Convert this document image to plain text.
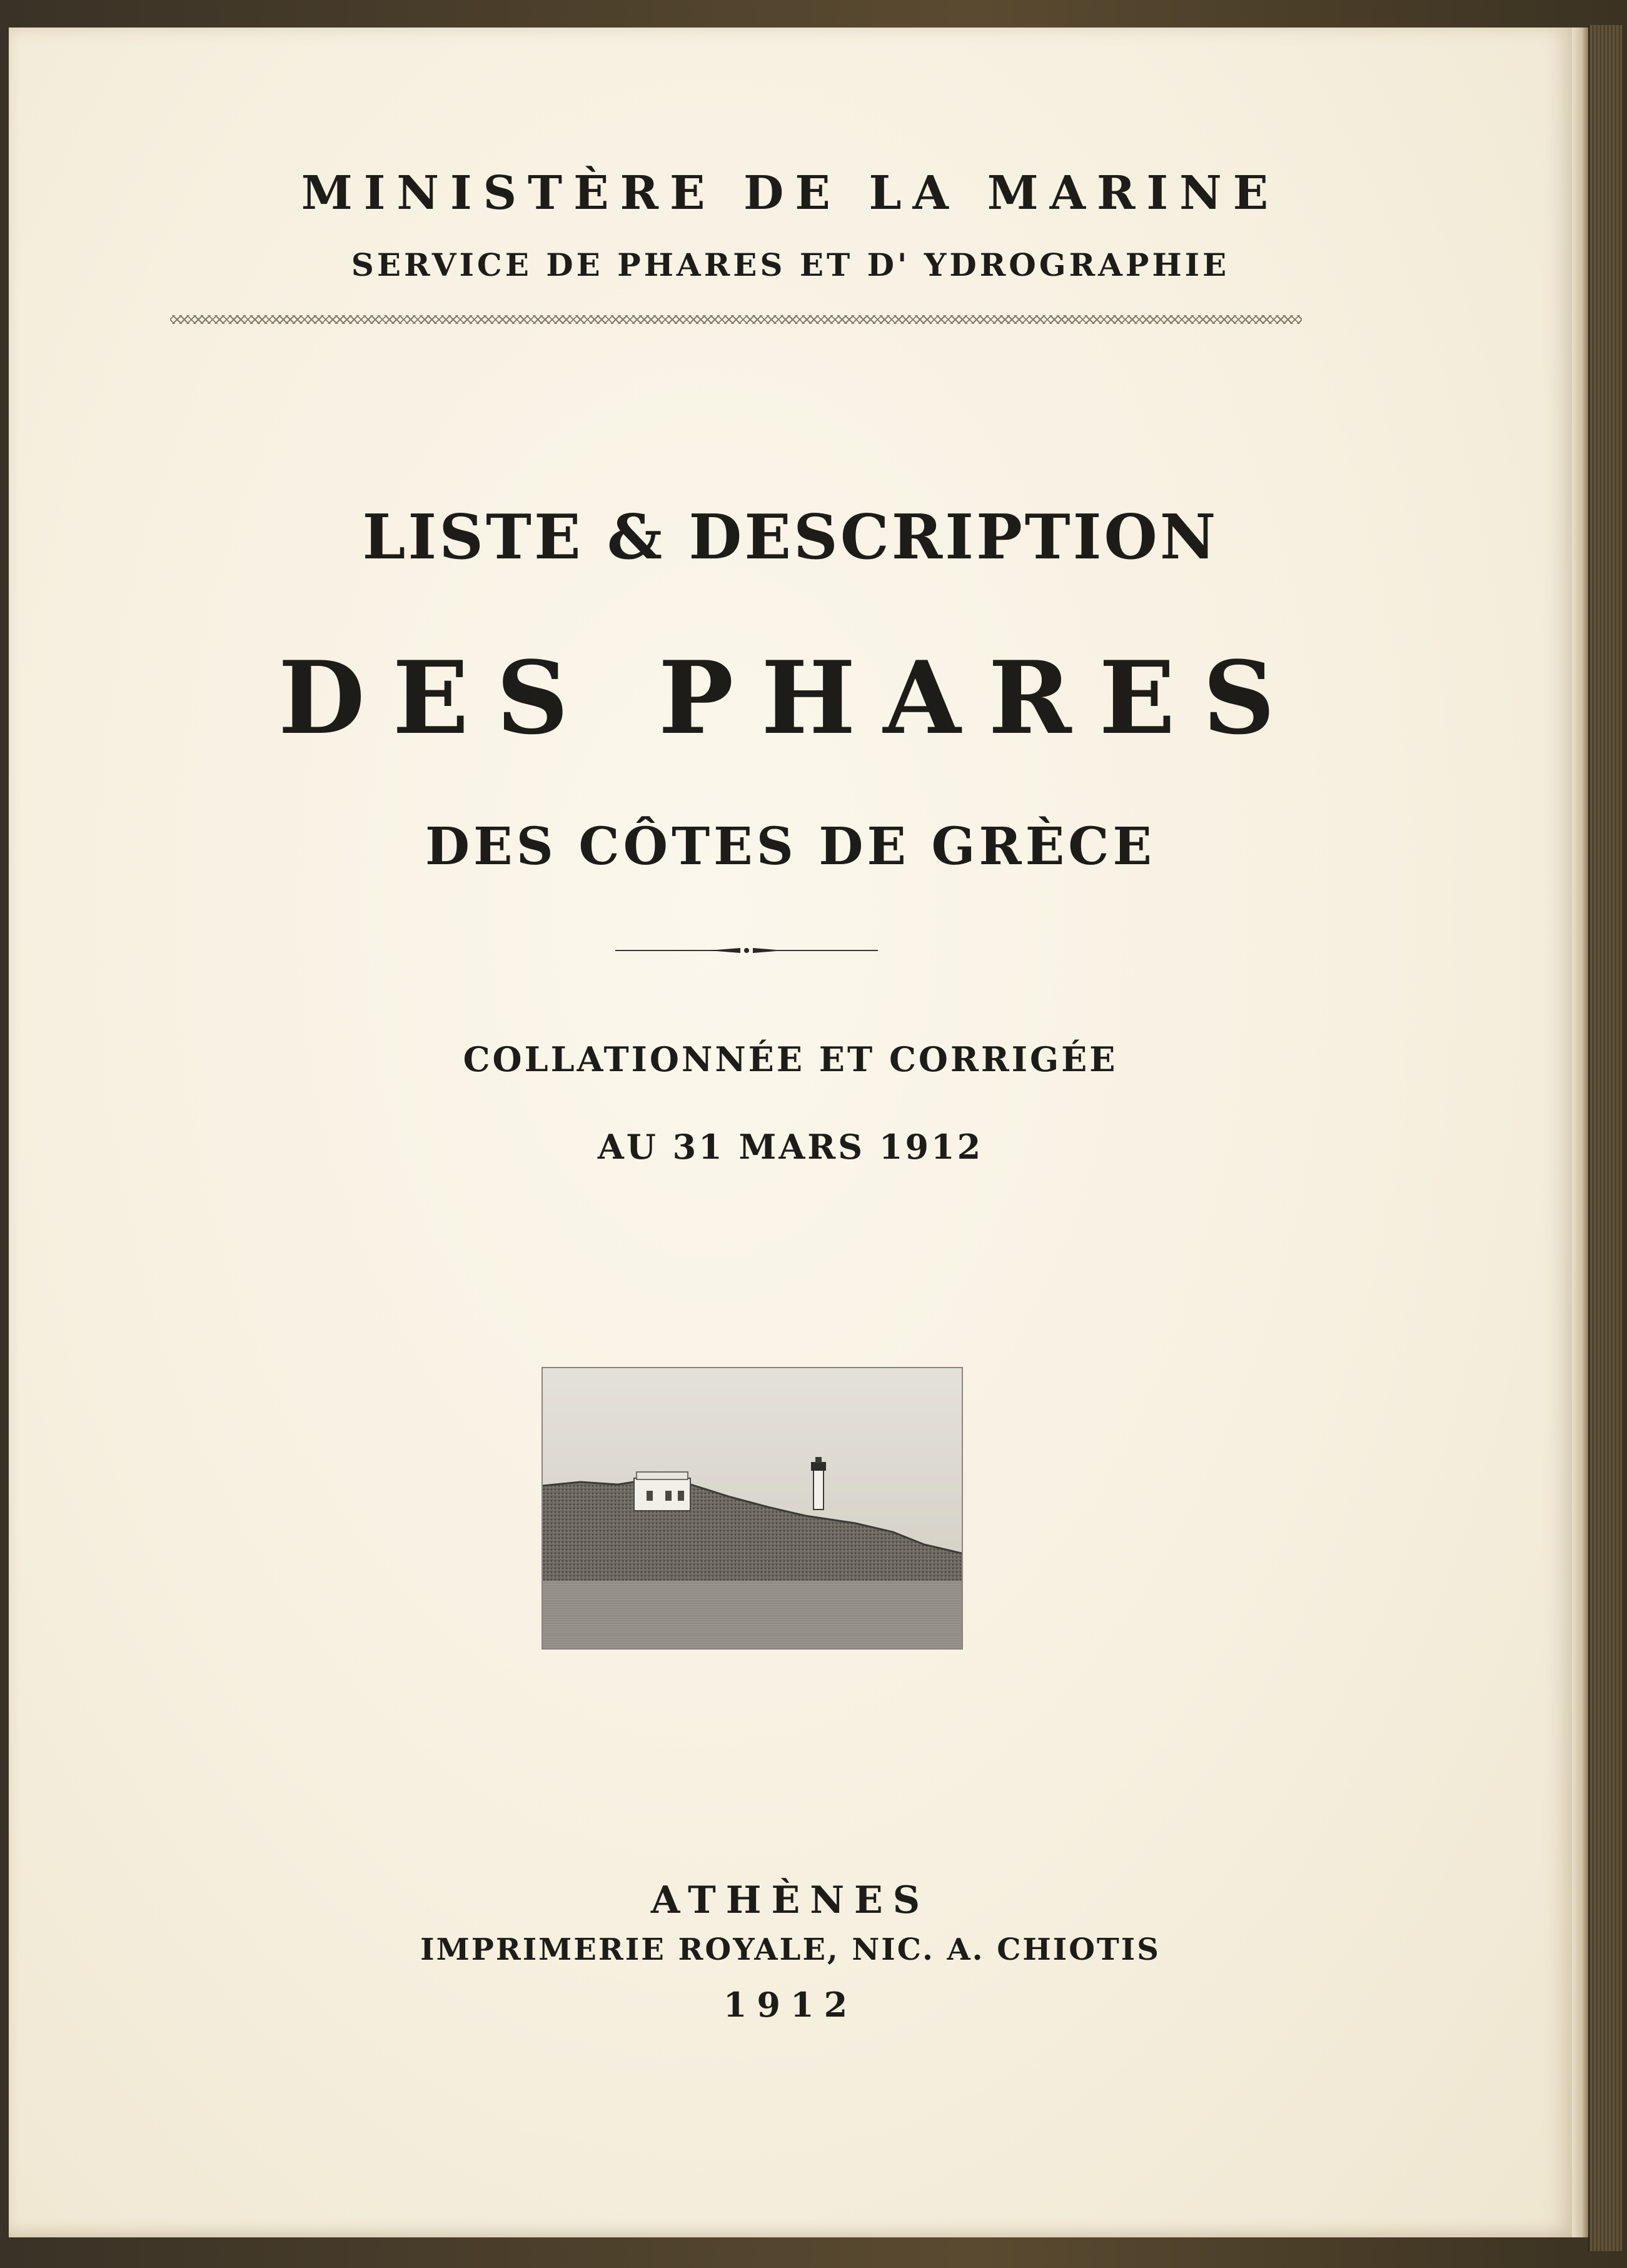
MINISTÈRE DE LA MARINE
SERVICE DE PHARES ET D' YDROGRAPHIE
LISTE & DESCRIPTION
DES PHARES
DES CÔTES DE GRÈCE
COLLATIONNÉE ET CORRIGÉE
AU 31 MARS 1912
ATHÈNES
IMPRIMERIE ROYALE, NIC. A. CHIOTIS
1912
